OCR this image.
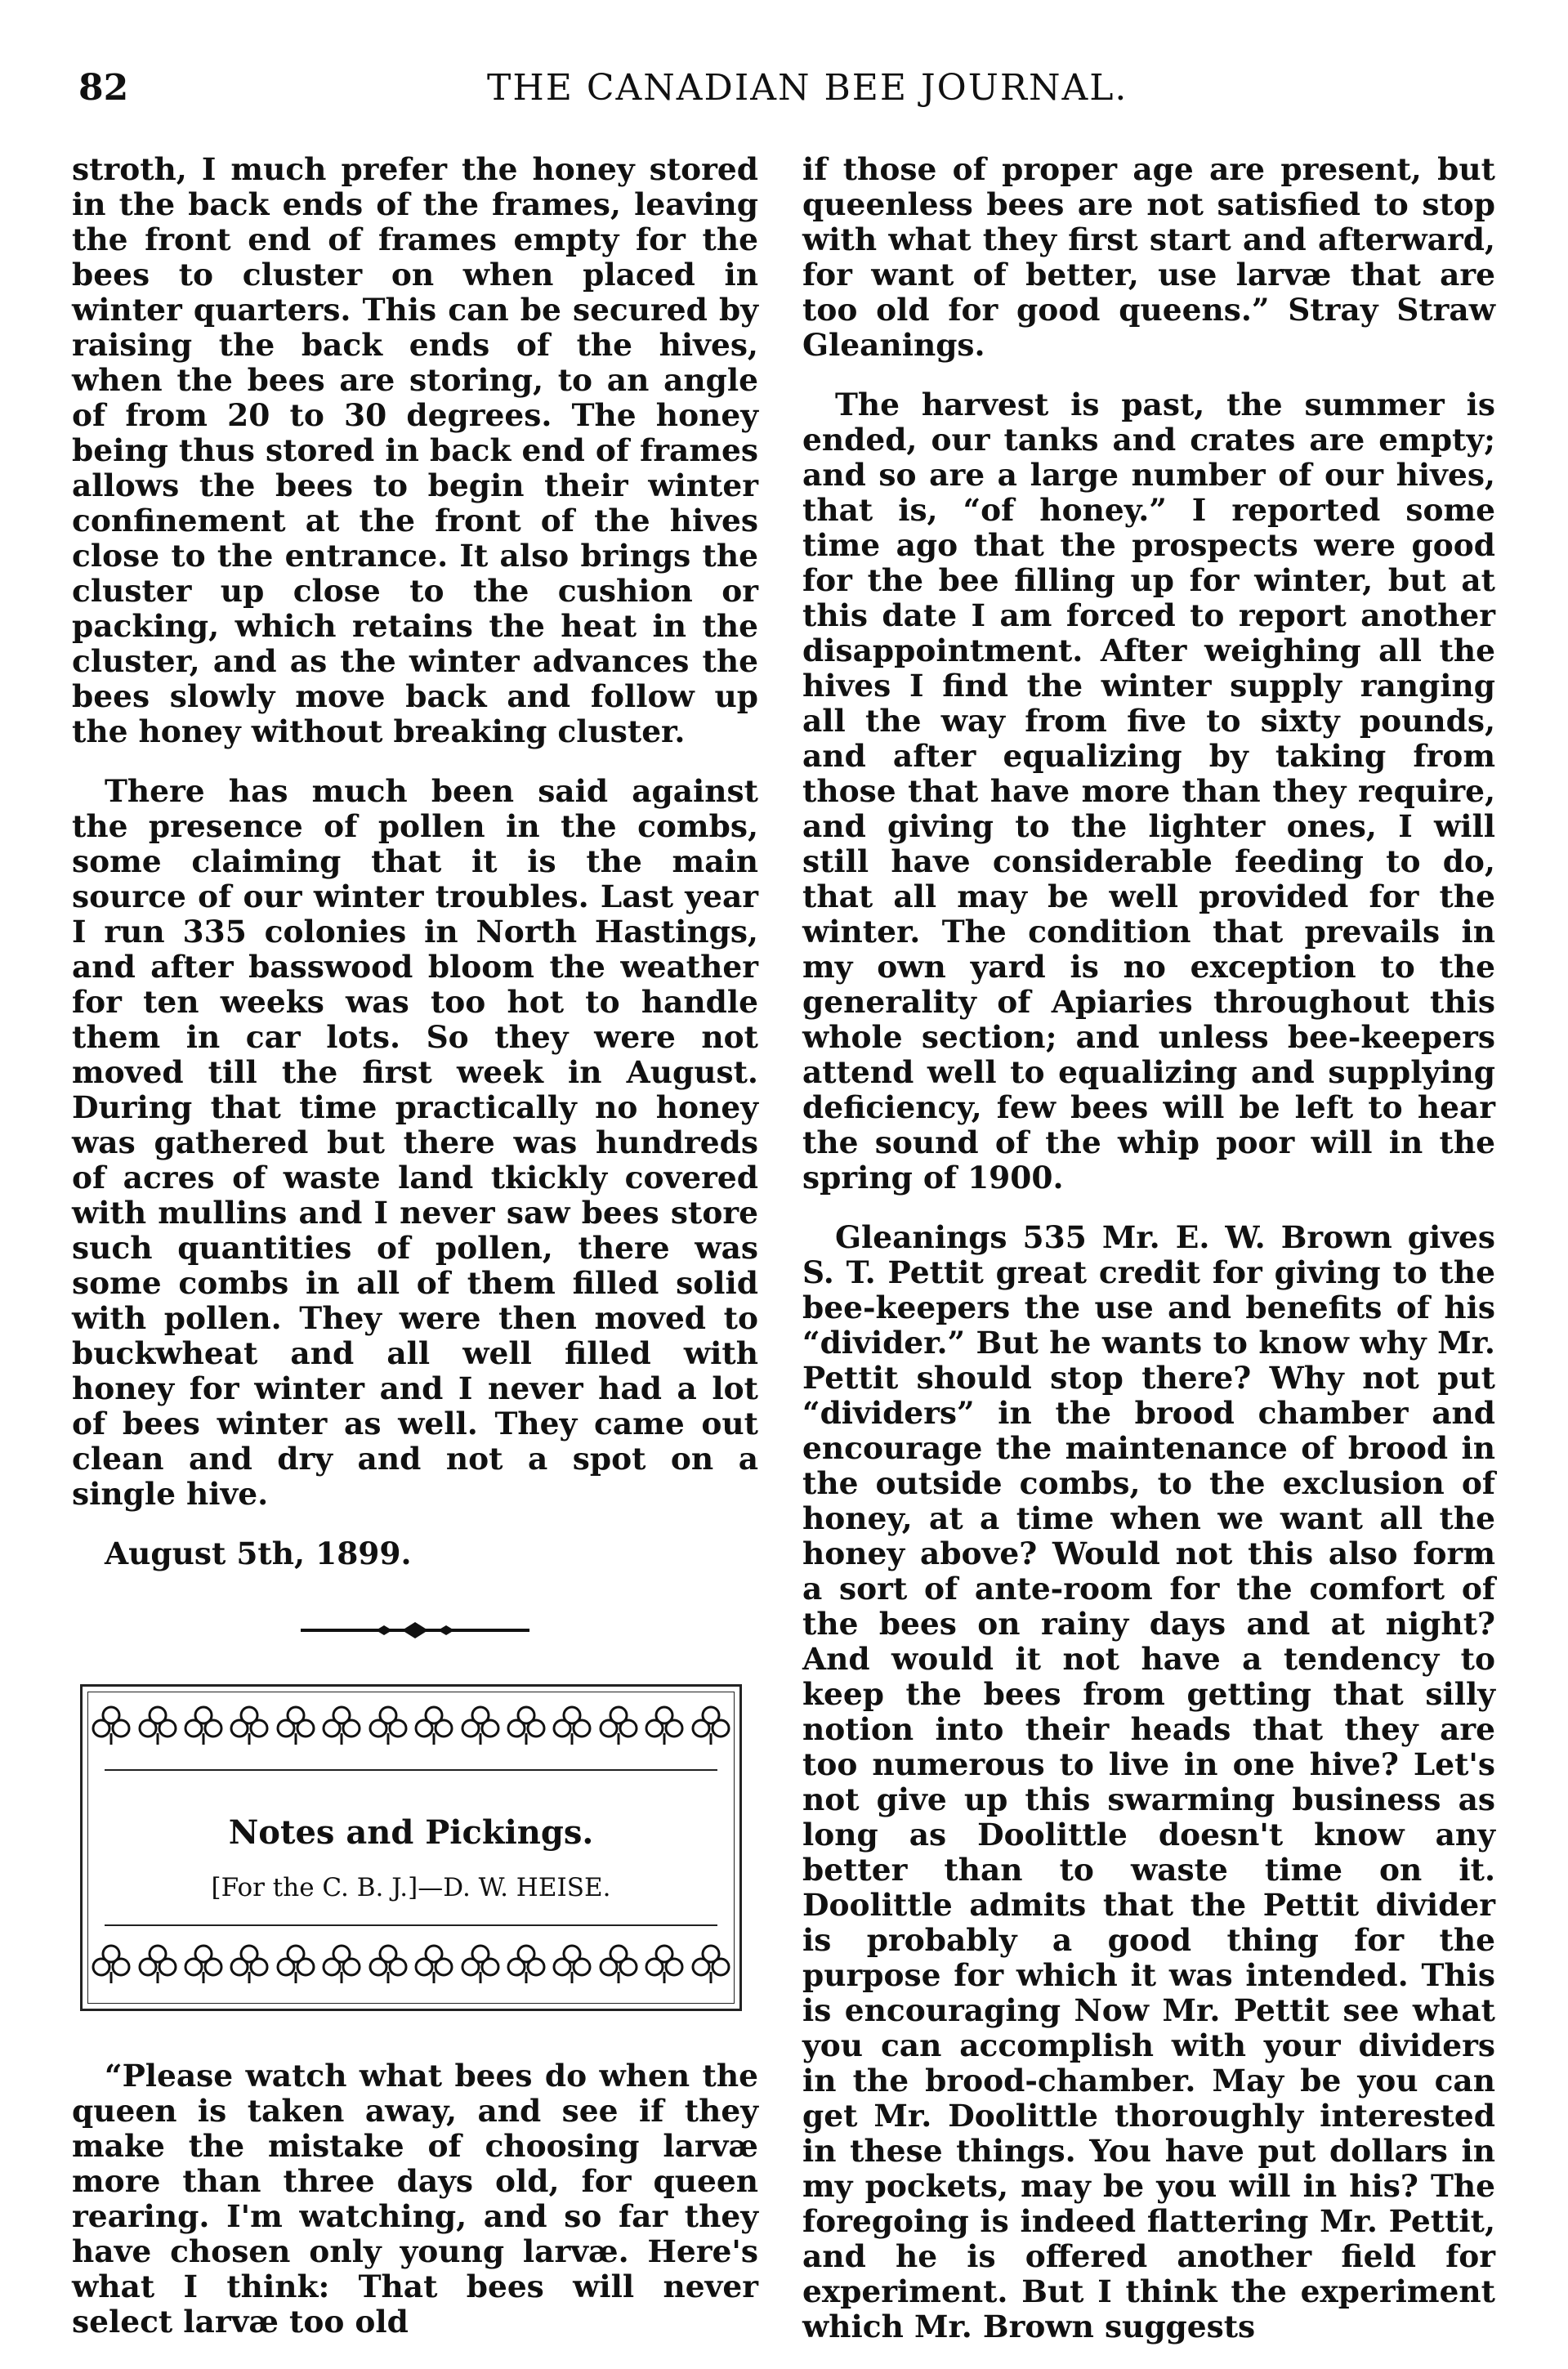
82	THE CANADIAN BEE JOURNAL.

stroth, I much prefer the honey stored in the back ends of the frames, leaving the front end of frames empty for the bees to cluster on when placed in winter quarters. This can be secured by raising the back ends of the hives, when the bees are storing, to an angle of from 20 to 30 degrees. The honey being thus stored in back end of frames allows the bees to begin their winter confinement at the front of the hives close to the entrance. It also brings the cluster up close to the cushion or packing, which retains the heat in the cluster, and as the winter advances the bees slowly move back and follow up the honey without breaking cluster.

There has much been said against the presence of pollen in the combs, some claiming that it is the main source of our winter troubles. Last year I run 335 colonies in North Hastings, and after basswood bloom the weather for ten weeks was too hot to handle them in car lots. So they were not moved till the first week in August. During that time practically no honey was gathered but there was hundreds of acres of waste land tkickly covered with mullins and I never saw bees store such quantities of pollen, there was some combs in all of them filled solid with pollen. They were then moved to buckwheat and all well filled with honey for winter and I never had a lot of bees winter as well. They came out clean and dry and not a spot on a single hive.

August 5th, 1899.

Notes and Pickings.
[For the C. B. J.]—D. W. HEISE.

“Please watch what bees do when the queen is taken away, and see if they make the mistake of choosing larvæ more than three days old, for queen rearing. I'm watching, and so far they have chosen only young larvæ. Here's what I think: That bees will never select larvæ too old

if those of proper age are present, but queenless bees are not satisfied to stop with what they first start and afterward, for want of better, use larvæ that are too old for good queens.” Stray Straw Gleanings.

The harvest is past, the summer is ended, our tanks and crates are empty; and so are a large number of our hives, that is, “of honey.” I reported some time ago that the prospects were good for the bee filling up for winter, but at this date I am forced to report another disappointment. After weighing all the hives I find the winter supply ranging all the way from five to sixty pounds, and after equalizing by taking from those that have more than they require, and giving to the lighter ones, I will still have considerable feeding to do, that all may be well provided for the winter. The condition that prevails in my own yard is no exception to the generality of Apiaries throughout this whole section; and unless bee-keepers attend well to equalizing and supplying deficiency, few bees will be left to hear the sound of the whip poor will in the spring of 1900.

Gleanings 535 Mr. E. W. Brown gives S. T. Pettit great credit for giving to the bee-keepers the use and benefits of his “divider.” But he wants to know why Mr. Pettit should stop there? Why not put “dividers” in the brood chamber and encourage the maintenance of brood in the outside combs, to the exclusion of honey, at a time when we want all the honey above? Would not this also form a sort of ante-room for the comfort of the bees on rainy days and at night? And would it not have a tendency to keep the bees from getting that silly notion into their heads that they are too numerous to live in one hive? Let's not give up this swarming business as long as Doolittle doesn't know any better than to waste time on it. Doolittle admits that the Pettit divider is probably a good thing for the purpose for which it was intended. This is encouraging Now Mr. Pettit see what you can accomplish with your dividers in the brood-chamber. May be you can get Mr. Doolittle thoroughly interested in these things. You have put dollars in my pockets, may be you will in his? The foregoing is indeed flattering Mr. Pettit, and he is offered another field for experiment. But I think the experiment which Mr. Brown suggests
